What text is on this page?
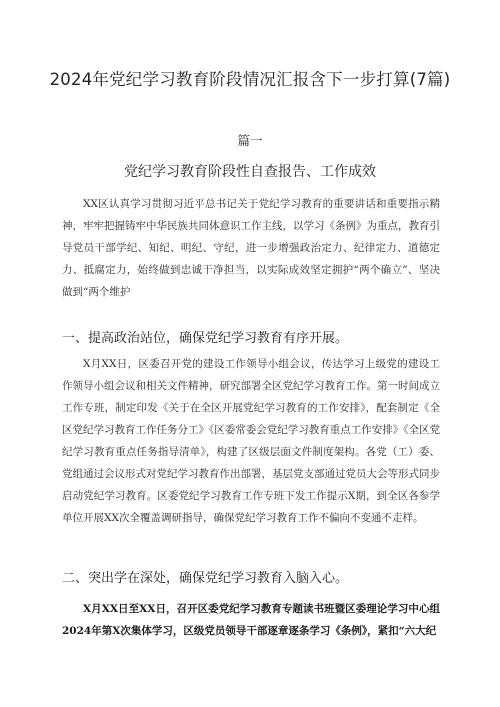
2024年党纪学习教育阶段情况汇报含下一步打算(7篇)
篇一
党纪学习教育阶段性自查报告、工作成效

XX区认真学习贯彻习近平总书记关于党纪学习教育的重要讲话和重要指示精神，牢牢把握铸牢中华民族共同体意识工作主线，以学习《条例》为重点，教育引导党员干部学纪、知纪、明纪、守纪，进一步增强政治定力、纪律定力、道德定力、抵腐定力，始终做到忠诚干净担当，以实际成效坚定拥护“两个确立”、坚决做到“两个维护

一、提高政治站位，确保党纪学习教育有序开展。

X月XX日，区委召开党的建设工作领导小组会议，传达学习上级党的建设工作领导小组会议和相关文件精神，研究部署全区党纪学习教育工作。第一时间成立工作专班，制定印发《关于在全区开展党纪学习教育的工作安排》，配套制定《全区党纪学习教育工作任务分工》《区委常委会党纪学习教育重点工作安排》《全区党纪学习教育重点任务指导清单》，构建了区级层面文件制度架构。各党（工）委、党组通过会议形式对党纪学习教育作出部署，基层党支部通过党员大会等形式同步启动党纪学习教育。区委党纪学习教育工作专班下发工作提示X期，到全区各参学单位开展XX次全覆盖调研指导，确保党纪学习教育工作不偏向不变通不走样。

二、突出学在深处，确保党纪学习教育入脑入心。

X月XX日至XX日，召开区委党纪学习教育专题读书班暨区委理论学习中心组2024年第X次集体学习，区级党员领导干部逐章逐条学习《条例》，紧扣“六大纪
